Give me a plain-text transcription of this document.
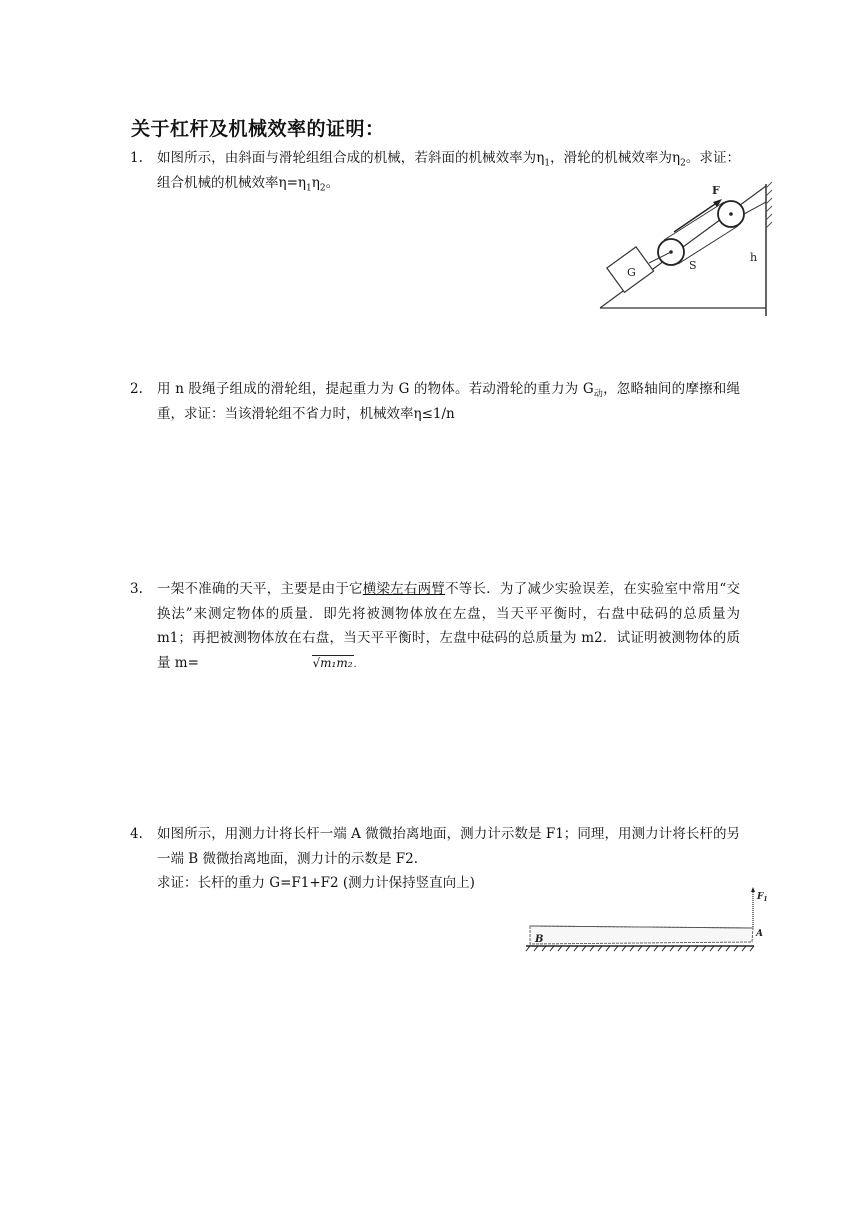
关于杠杆及机械效率的证明：
1. 如图所示，由斜面与滑轮组组合成的机械，若斜面的机械效率为$\eta_1$，滑轮的机械效率为$\eta_2$。求证：组合机械的机械效率$\eta=\eta_1\eta_2$。
G
F
S
h
2. 用 n 股绳子组成的滑轮组，提起重力为 G 的物体。若动滑轮的重力为 $G_动$，忽略轴间的摩擦和绳重，求证：当该滑轮组不省力时，机械效率η≤1/n
3. 一架不准确的天平，主要是由于它横梁左右两臂不等长．为了减少实验误差，在实验室中常用“交换法”来测定物体的质量．即先将被测物体放在左盘，当天平平衡时，右盘中砝码的总质量为 m1；再把被测物体放在右盘，当天平平衡时，左盘中砝码的总质量为 m2．试证明被测物体的质量 m=	√m₁m₂.
4. 如图所示，用测力计将长杆一端 A 微微抬离地面，测力计示数是 F1；同理，用测力计将长杆的另一端 B 微微抬离地面，测力计的示数是 F2.
求证：长杆的重力 G=F1+F2 (测力计保持竖直向上)
$F_1$
B	A
